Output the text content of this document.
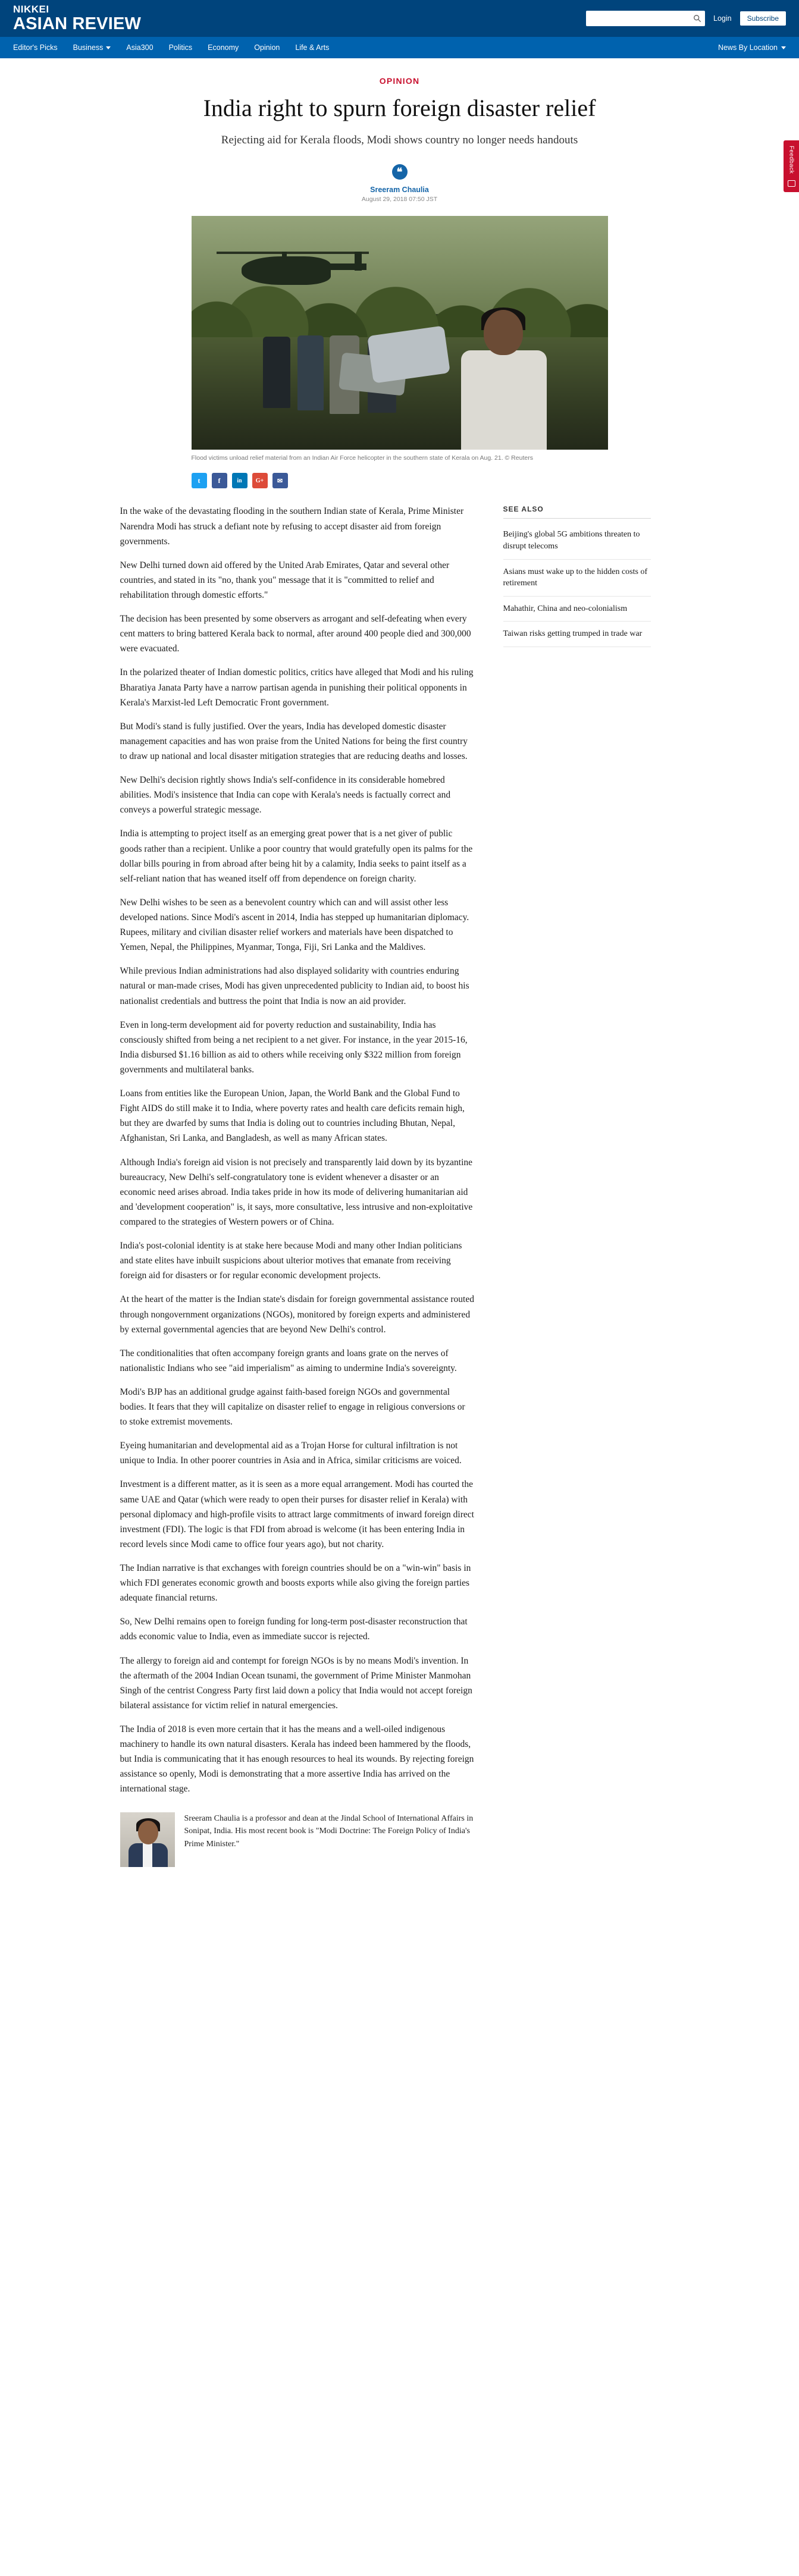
NIKKEI
ASIAN REVIEW	Login	Subscribe
Editor's Picks Business	Asia300 Politics Economy Opinion Life & Arts	News By Location
Feedback
OPINION
India right to spurn foreign disaster relief
Rejecting aid for Kerala floods, Modi shows country no longer needs handouts
❝
Sreeram Chaulia
August 29, 2018 07:50 JST
Flood victims unload relief material from an Indian Air Force helicopter in the southern state of Kerala on Aug. 21. © Reuters
t	f	in	G+	✉

In the wake of the devastating flooding in the southern Indian state of Kerala, Prime Minister Narendra Modi has struck a defiant note by refusing to accept disaster aid from foreign governments.

New Delhi turned down aid offered by the United Arab Emirates, Qatar and several other countries, and stated in its "no, thank you" message that it is "committed to relief and rehabilitation through domestic efforts."

The decision has been presented by some observers as arrogant and self-defeating when every cent matters to bring battered Kerala back to normal, after around 400 people died and 300,000 were evacuated.

In the polarized theater of Indian domestic politics, critics have alleged that Modi and his ruling Bharatiya Janata Party have a narrow partisan agenda in punishing their political opponents in Kerala's Marxist-led Left Democratic Front government.

But Modi's stand is fully justified. Over the years, India has developed domestic disaster management capacities and has won praise from the United Nations for being the first country to draw up national and local disaster mitigation strategies that are reducing deaths and losses.

New Delhi's decision rightly shows India's self-confidence in its considerable homebred abilities. Modi's insistence that India can cope with Kerala's needs is factually correct and conveys a powerful strategic message.

India is attempting to project itself as an emerging great power that is a net giver of public goods rather than a recipient. Unlike a poor country that would gratefully open its palms for the dollar bills pouring in from abroad after being hit by a calamity, India seeks to paint itself as a self-reliant nation that has weaned itself off from dependence on foreign charity.

New Delhi wishes to be seen as a benevolent country which can and will assist other less developed nations. Since Modi's ascent in 2014, India has stepped up humanitarian diplomacy. Rupees, military and civilian disaster relief workers and materials have been dispatched to Yemen, Nepal, the Philippines, Myanmar, Tonga, Fiji, Sri Lanka and the Maldives.

While previous Indian administrations had also displayed solidarity with countries enduring natural or man-made crises, Modi has given unprecedented publicity to Indian aid, to boost his nationalist credentials and buttress the point that India is now an aid provider.

Even in long-term development aid for poverty reduction and sustainability, India has consciously shifted from being a net recipient to a net giver. For instance, in the year 2015-16, India disbursed $1.16 billion as aid to others while receiving only $322 million from foreign governments and multilateral banks.

Loans from entities like the European Union, Japan, the World Bank and the Global Fund to Fight AIDS do still make it to India, where poverty rates and health care deficits remain high, but they are dwarfed by sums that India is doling out to countries including Bhutan, Nepal, Afghanistan, Sri Lanka, and Bangladesh, as well as many African states.

Although India's foreign aid vision is not precisely and transparently laid down by its byzantine bureaucracy, New Delhi's self-congratulatory tone is evident whenever a disaster or an economic need arises abroad. India takes pride in how its mode of delivering humanitarian aid and 'development cooperation" is, it says, more consultative, less intrusive and non-exploitative compared to the strategies of Western powers or of China.

India's post-colonial identity is at stake here because Modi and many other Indian politicians and state elites have inbuilt suspicions about ulterior motives that emanate from receiving foreign aid for disasters or for regular economic development projects.

At the heart of the matter is the Indian state's disdain for foreign governmental assistance routed through nongovernment organizations (NGOs), monitored by foreign experts and administered by external governmental agencies that are beyond New Delhi's control.

The conditionalities that often accompany foreign grants and loans grate on the nerves of nationalistic Indians who see "aid imperialism" as aiming to undermine India's sovereignty.

Modi's BJP has an additional grudge against faith-based foreign NGOs and governmental bodies. It fears that they will capitalize on disaster relief to engage in religious conversions or to stoke extremist movements.

Eyeing humanitarian and developmental aid as a Trojan Horse for cultural infiltration is not unique to India. In other poorer countries in Asia and in Africa, similar criticisms are voiced.

Investment is a different matter, as it is seen as a more equal arrangement. Modi has courted the same UAE and Qatar (which were ready to open their purses for disaster relief in Kerala) with personal diplomacy and high-profile visits to attract large commitments of inward foreign direct investment (FDI). The logic is that FDI from abroad is welcome (it has been entering India in record levels since Modi came to office four years ago), but not charity.

The Indian narrative is that exchanges with foreign countries should be on a "win-win" basis in which FDI generates economic growth and boosts exports while also giving the foreign parties adequate financial returns.

So, New Delhi remains open to foreign funding for long-term post-disaster reconstruction that adds economic value to India, even as immediate succor is rejected.

The allergy to foreign aid and contempt for foreign NGOs is by no means Modi's invention. In the aftermath of the 2004 Indian Ocean tsunami, the government of Prime Minister Manmohan Singh of the centrist Congress Party first laid down a policy that India would not accept foreign bilateral assistance for victim relief in natural emergencies.

The India of 2018 is even more certain that it has the means and a well-oiled indigenous machinery to handle its own natural disasters. Kerala has indeed been hammered by the floods, but India is communicating that it has enough resources to heal its wounds. By rejecting foreign assistance so openly, Modi is demonstrating that a more assertive India has arrived on the international stage.

Sreeram Chaulia is a professor and dean at the Jindal School of International Affairs in Sonipat, India. His most recent book is "Modi Doctrine: The Foreign Policy of India's Prime Minister."
SEE ALSO
Beijing's global 5G ambitions threaten to disrupt telecoms
Asians must wake up to the hidden costs of retirement
Mahathir, China and neo-colonialism
Taiwan risks getting trumped in trade war
